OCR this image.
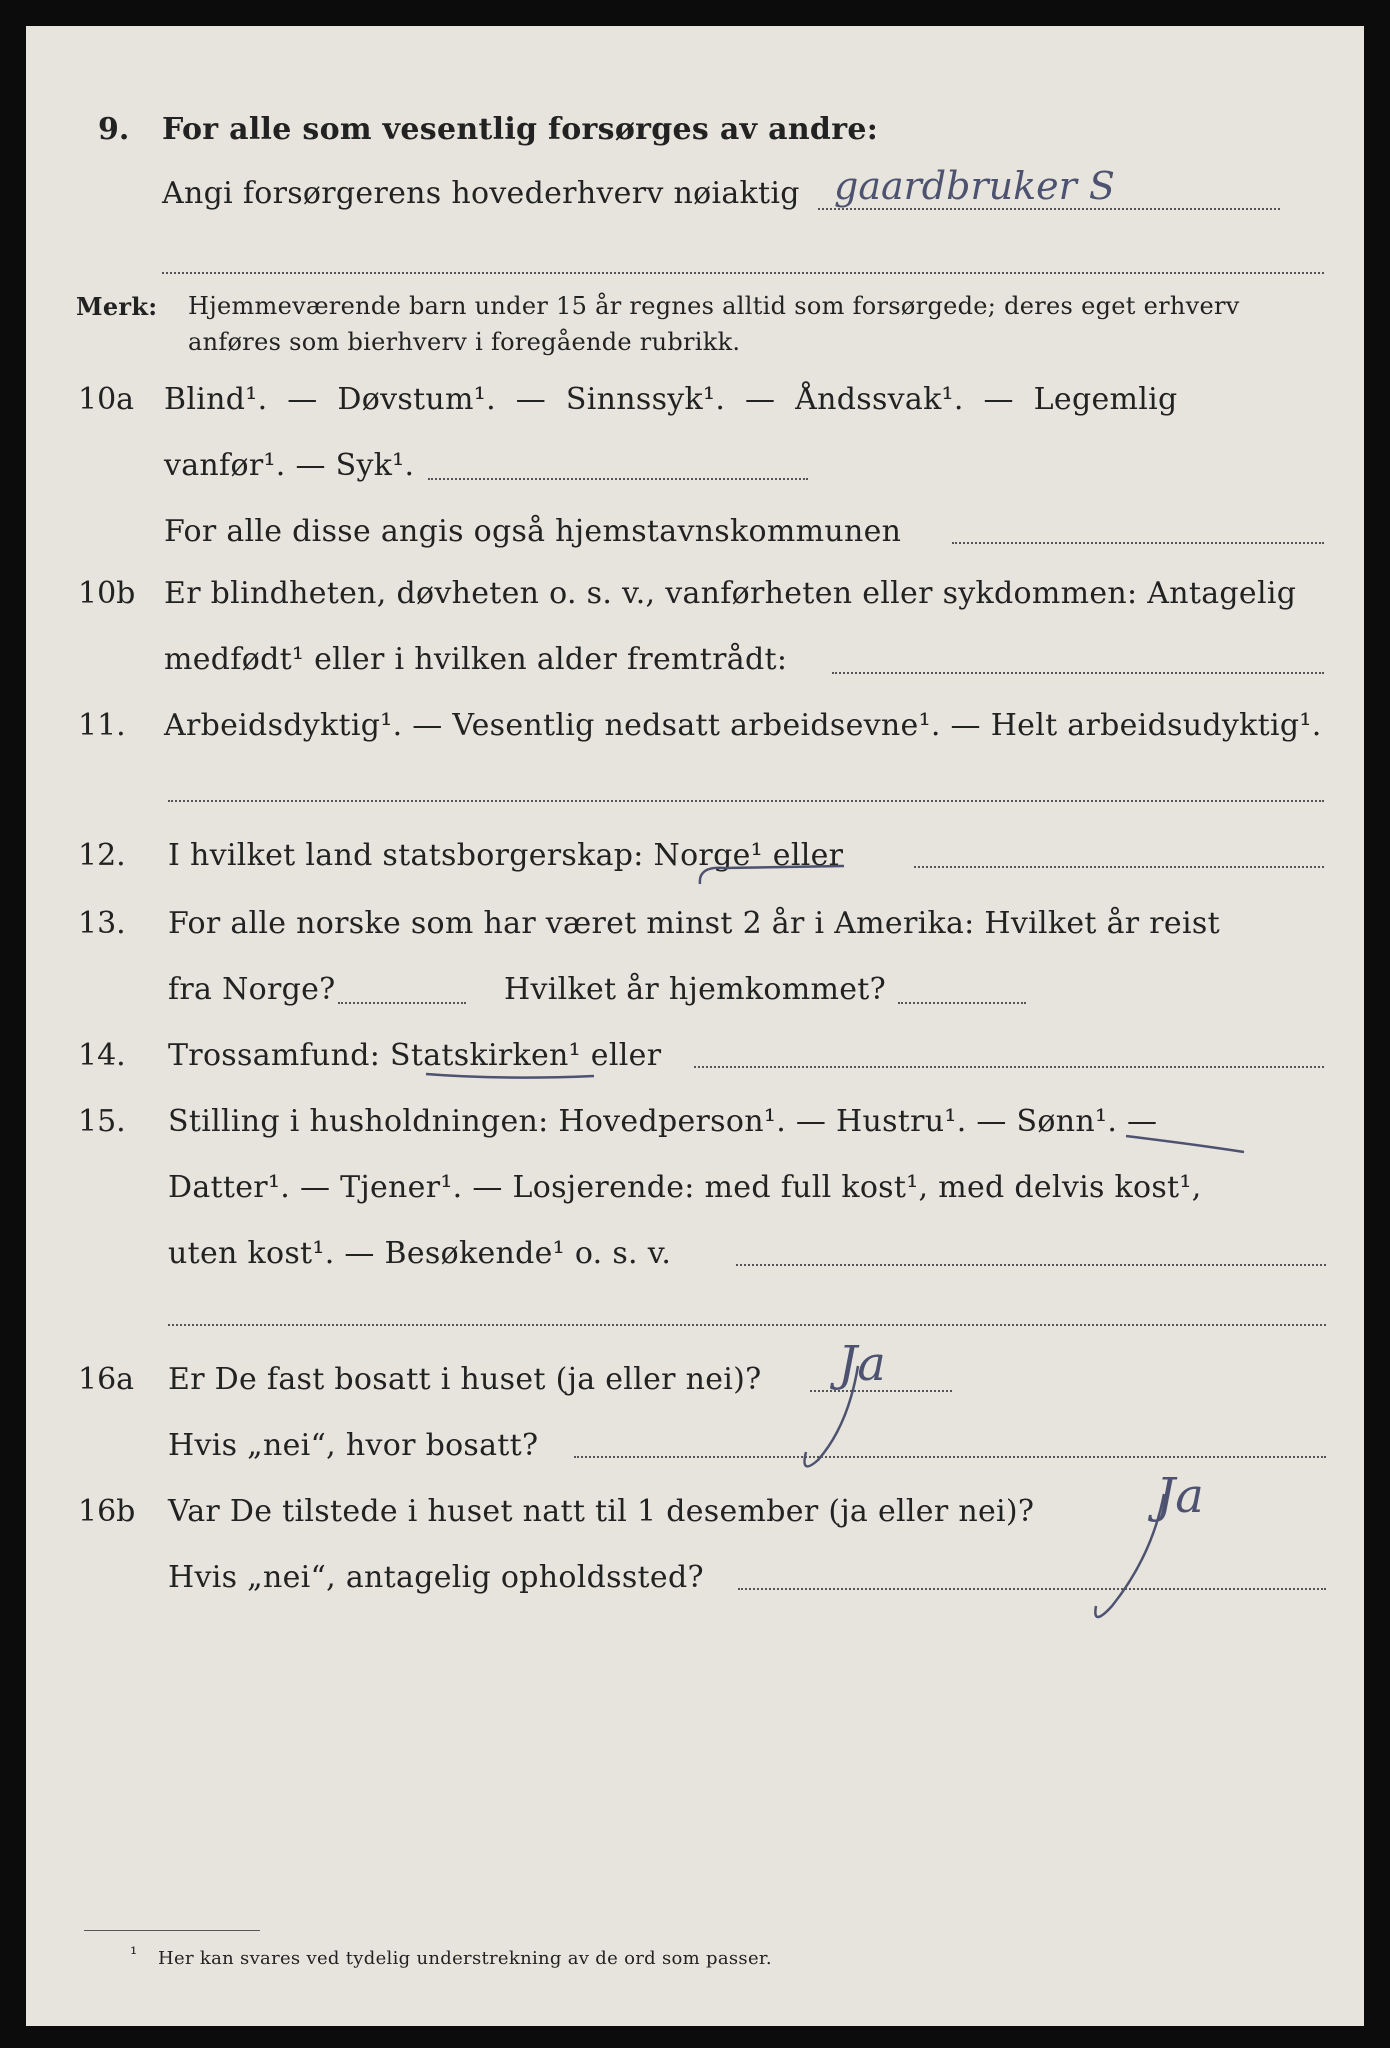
9. For alle som vesentlig forsørges av andre:
Angi forsørgerens hovederhverv nøiaktig gaardbruker S
Merk: Hjemmeværende barn under 15 år regnes alltid som forsørgede; deres eget erhverv
anføres som bierhverv i foregående rubrikk.
10a Blind¹. — Døvstum¹. — Sinnssyk¹. — Åndssvak¹. — Legemlig
vanfør¹. — Syk¹.
For alle disse angis også hjemstavnskommunen
10b Er blindheten, døvheten o. s. v., vanførheten eller sykdommen: Antagelig
medfødt¹ eller i hvilken alder fremtrådt:
11. Arbeidsdyktig¹. — Vesentlig nedsatt arbeidsevne¹. — Helt arbeidsudyktig¹.
12. I hvilket land statsborgerskap: Norge¹ eller
13. For alle norske som har været minst 2 år i Amerika: Hvilket år reist
fra Norge?	Hvilket år hjemkommet?
14. Trossamfund: Statskirken¹ eller
15. Stilling i husholdningen: Hovedperson¹. — Hustru¹. — Sønn¹. —
Datter¹. — Tjener¹. — Losjerende: med full kost¹, med delvis kost¹,
uten kost¹. — Besøkende¹ o. s. v.
16a Er De fast bosatt i huset (ja eller nei)? Ja
Hvis „nei“, hvor bosatt?
16b Var De tilstede i huset natt til 1 desember (ja eller nei)?	Ja
Hvis „nei“, antagelig opholdssted?
¹ Her kan svares ved tydelig understrekning av de ord som passer.
